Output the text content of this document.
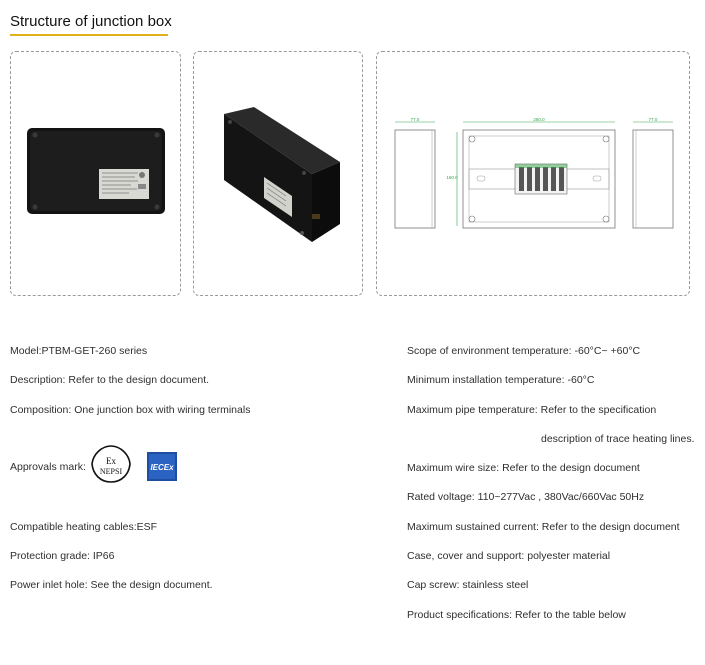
Structure of junction box
77.0	260.0
160.0
77.0
Model:PTBM-GET-260 series
Description: Refer to the design document.
Composition: One junction box with wiring terminals
Approvals mark: Ex
NEPSI	IECEx
Compatible heating cables:ESF
Protection grade: IP66
Power inlet hole: See the design document.
Scope of environment temperature: -60°C~ +60°C
Minimum installation temperature: -60°C
Maximum pipe temperature: Refer to the specification
description of trace heating lines.
Maximum wire size: Refer to the design document
Rated voltage: 110~277Vac , 380Vac/660Vac 50Hz
Maximum sustained current: Refer to the design document
Case, cover and support: polyester material
Cap screw: stainless steel
Product specifications: Refer to the table below
